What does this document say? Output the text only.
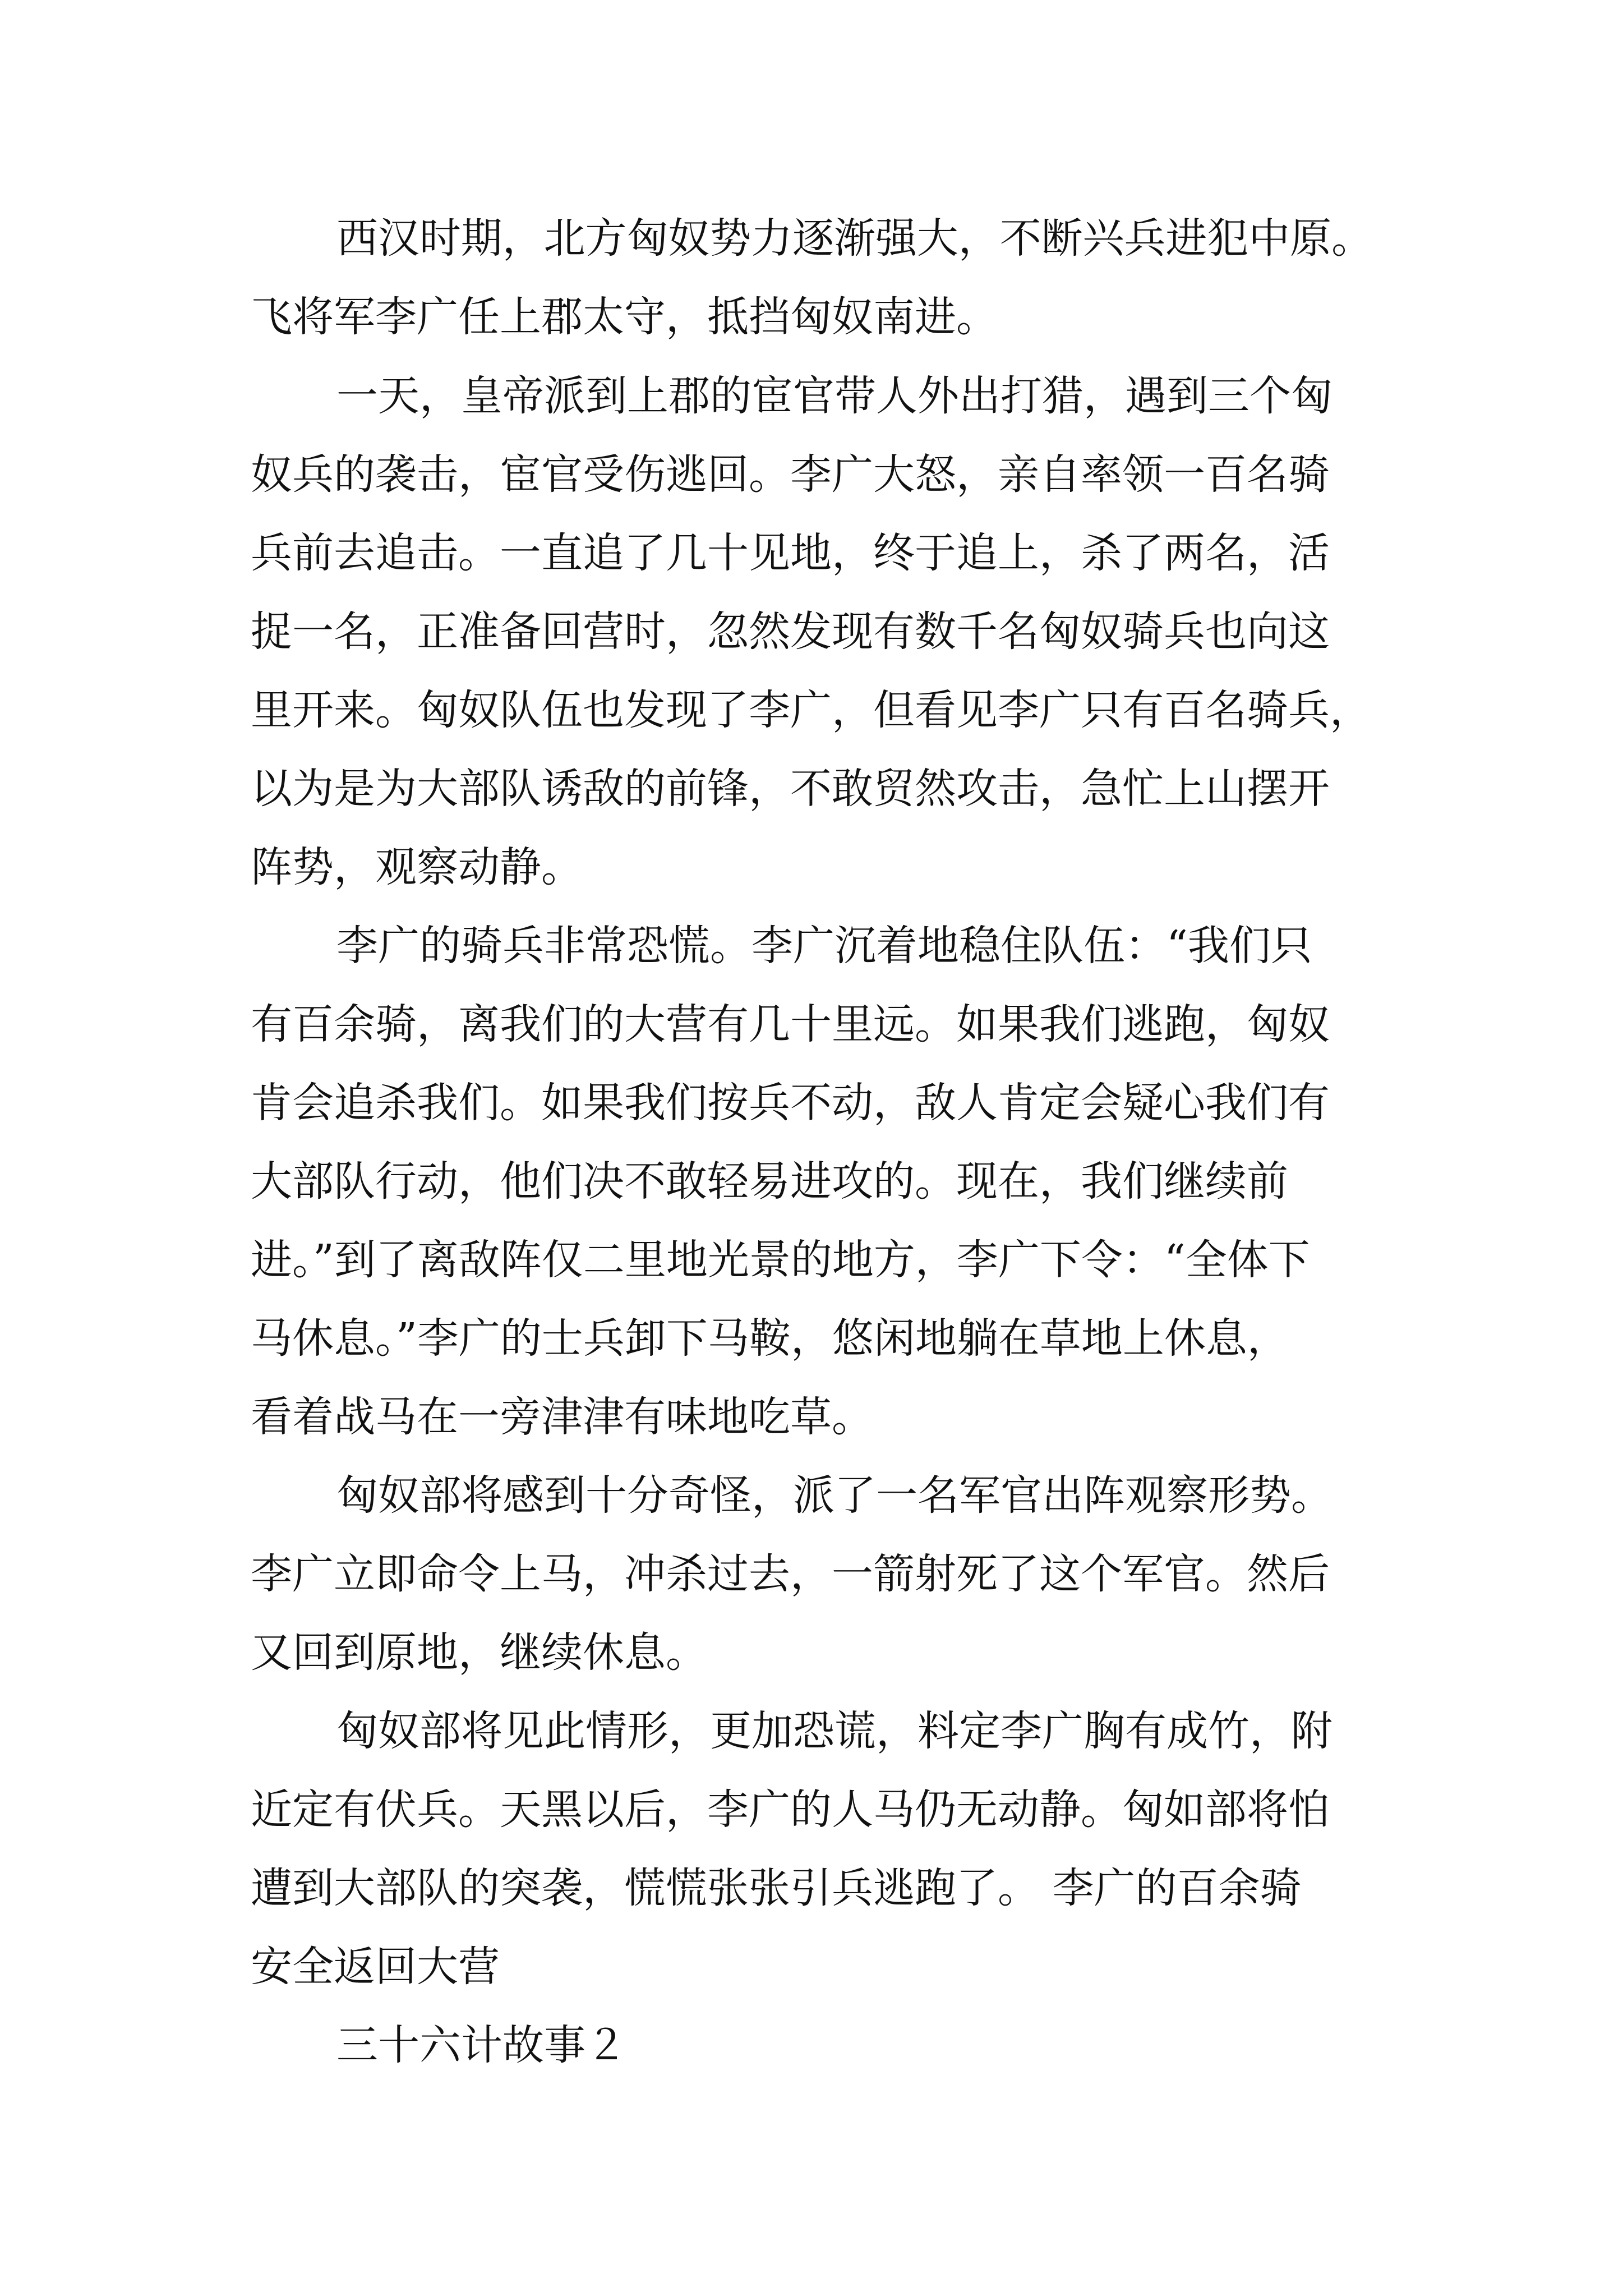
西汉时期，北方匈奴势力逐渐强大，不断兴兵进犯中原。
飞将军李广任上郡太守，抵挡匈奴南进。
一天，皇帝派到上郡的宦官带人外出打猎，遇到三个匈
奴兵的袭击，宦官受伤逃回。李广大怒，亲自率领一百名骑
兵前去追击。一直追了几十见地，终于追上，杀了两名，活
捉一名，正准备回营时，忽然发现有数千名匈奴骑兵也向这
里开来。匈奴队伍也发现了李广，但看见李广只有百名骑兵，
以为是为大部队诱敌的前锋，不敢贸然攻击，急忙上山摆开
阵势，观察动静。
李广的骑兵非常恐慌。李广沉着地稳住队伍：“我们只
有百余骑，离我们的大营有几十里远。如果我们逃跑，匈奴
肯会追杀我们。如果我们按兵不动，敌人肯定会疑心我们有
大部队行动，他们决不敢轻易进攻的。现在，我们继续前
进。”到了离敌阵仅二里地光景的地方，李广下令：“全体下
马休息。”李广的士兵卸下马鞍，悠闲地躺在草地上休息，
看着战马在一旁津津有味地吃草。
匈奴部将感到十分奇怪，派了一名军官出阵观察形势。
李广立即命令上马，冲杀过去，一箭射死了这个军官。然后
又回到原地，继续休息。
匈奴部将见此情形，更加恐谎，料定李广胸有成竹，附
近定有伏兵。天黑以后，李广的人马仍无动静。匈如部将怕
遭到大部队的突袭，慌慌张张引兵逃跑了。 李广的百余骑
安全返回大营
三十六计故事２
